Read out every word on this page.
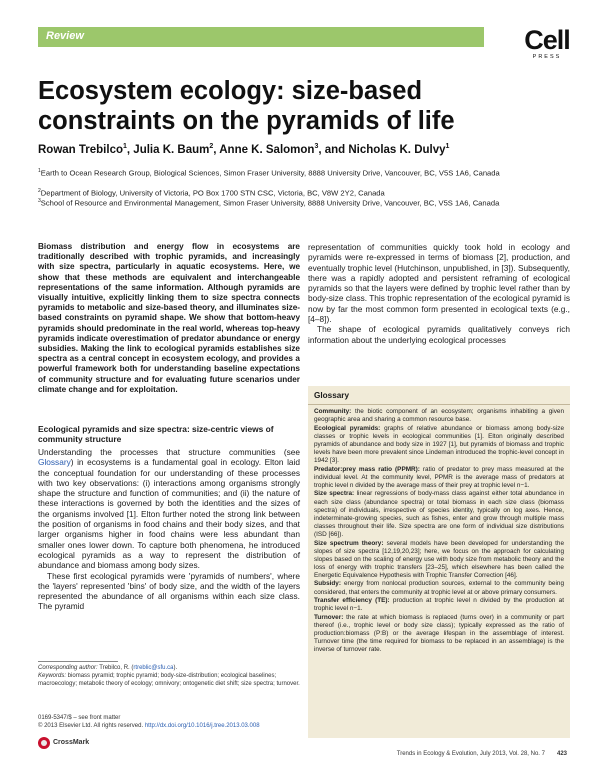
Review	Cell
PRESS
Ecosystem ecology: size-based constraints on the pyramids of life
Rowan Trebilco$^1$, Julia K. Baum$^2$, Anne K. Salomon$^3$, and Nicholas K. Dulvy$^1$
$^1$Earth to Ocean Research Group, Biological Sciences, Simon Fraser University, 8888 University Drive, Vancouver, BC, V5S 1A6, Canada
$^2$Department of Biology, University of Victoria, PO Box 1700 STN CSC, Victoria, BC, V8W 2Y2, Canada
$^3$School of Resource and Environmental Management, Simon Fraser University, 8888 University Drive, Vancouver, BC, V5S 1A6, Canada
Biomass distribution and energy flow in ecosystems are traditionally described with trophic pyramids, and increasingly with size spectra, particularly in aquatic ecosystems. Here, we show that these methods are equivalent and interchangeable representations of the same information. Although pyramids are visually intuitive, explicitly linking them to size spectra connects pyramids to metabolic and size-based theory, and illuminates size-based constraints on pyramid shape. We show that bottom-heavy pyramids should predominate in the real world, whereas top-heavy pyramids indicate overestimation of predator abundance or energy subsidies. Making the link to ecological pyramids establishes size spectra as a central concept in ecosystem ecology, and provides a powerful framework both for understanding baseline expectations of community structure and for evaluating future scenarios under climate change and for exploitation.
Ecological pyramids and size spectra: size-centric views of community structure

Understanding the processes that structure communities (see Glossary) in ecosystems is a fundamental goal in ecology. Elton laid the conceptual foundation for our understanding of these processes with two key observations: (i) interactions among organisms strongly shape the structure and function of communities; and (ii) the nature of these interactions is governed by both the identities and the sizes of the organisms involved [1]. Elton further noted the strong link between the position of organisms in food chains and their body sizes, and that larger organisms higher in food chains were less abundant than smaller ones lower down. To capture both phenomena, he introduced ecological pyramids as a way to represent the distribution of abundance and biomass among body sizes.

These first ecological pyramids were 'pyramids of numbers', where the 'layers' represented 'bins' of body size, and the width of the layers represented the abundance of all organisms within each size class. The pyramid

representation of communities quickly took hold in ecology and pyramids were re-expressed in terms of biomass [2], production, and eventually trophic level (Hutchinson, unpublished, in [3]). Subsequently, there was a rapidly adopted and persistent reframing of ecological pyramids so that the layers were defined by trophic level rather than by body-size class. This trophic representation of the ecological pyramid is now by far the most common form presented in ecological texts (e.g., [4–8]).

The shape of ecological pyramids qualitatively conveys rich information about the underlying ecological processes

Glossary
Community: the biotic component of an ecosystem; organisms inhabiting a given geographic area and sharing a common resource base.
Ecological pyramids: graphs of relative abundance or biomass among body-size classes or trophic levels in ecological communities [1]. Elton originally described pyramids of abundance and body size in 1927 [1], but pyramids of biomass and trophic levels have been more prevalent since Lindeman introduced the trophic-level concept in 1942 [3].
Predator:prey mass ratio (PPMR): ratio of predator to prey mass measured at the individual level. At the community level, PPMR is the average mass of predators at trophic level n divided by the average mass of their prey at trophic level n−1.
Size spectra: linear regressions of body-mass class against either total abundance in each size class (abundance spectra) or total biomass in each size class (biomass spectra) of individuals, irrespective of species identity, typically on log axes. Hence, indeterminate-growing species, such as fishes, enter and grow through multiple mass classes throughout their life. Size spectra are one form of individual size distributions (ISD [66]).
Size spectrum theory: several models have been developed for understanding the slopes of size spectra [12,19,20,23]; here, we focus on the approach for calculating slopes based on the scaling of energy use with body size from metabolic theory and the loss of energy with trophic transfers [23–25], which elsewhere has been called the Energetic Equivalence Hypothesis with Trophic Transfer Correction [46].
Subsidy: energy from nonlocal production sources, external to the community being considered, that enters the community at trophic level at or above primary consumers.
Transfer efficiency (TE): production at trophic level n divided by the production at trophic level n−1.
Turnover: the rate at which biomass is replaced (turns over) in a community or part thereof (i.e., trophic level or body size class); typically expressed as the ratio of production:biomass (P:B) or the average lifespan in the assemblage of interest. Turnover time (the time required for biomass to be replaced in an assemblage) is the inverse of turnover rate.
Corresponding author: Trebilco, R. (rtreblic@sfu.ca).
Keywords: biomass pyramid; trophic pyramid; body-size-distribution; ecological baselines; macroecology; metabolic theory of ecology; omnivory; ontogenetic diet shift; size spectra; turnover.
0169-5347/$ – see front matter
© 2013 Elsevier Ltd. All rights reserved. http://dx.doi.org/10.1016/j.tree.2013.03.008
CrossMark
Trends in Ecology & Evolution, July 2013, Vol. 28, No. 7 423
